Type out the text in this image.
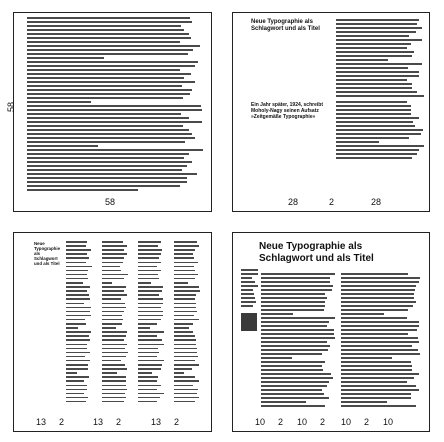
58
58
Neue Typographie als Schlagwort und als Titel
Ein Jahr später, 1924, schreibt Moholy-Nagy seinen Aufsatz »Zeitgemäße Typographie«
28	2	28
Neue Typographie als Schlagwort und als Titel
13 2	13 2	13 2
Neue Typographie als Schlagwort und als Titel
10 2 10 2 10 2 10
